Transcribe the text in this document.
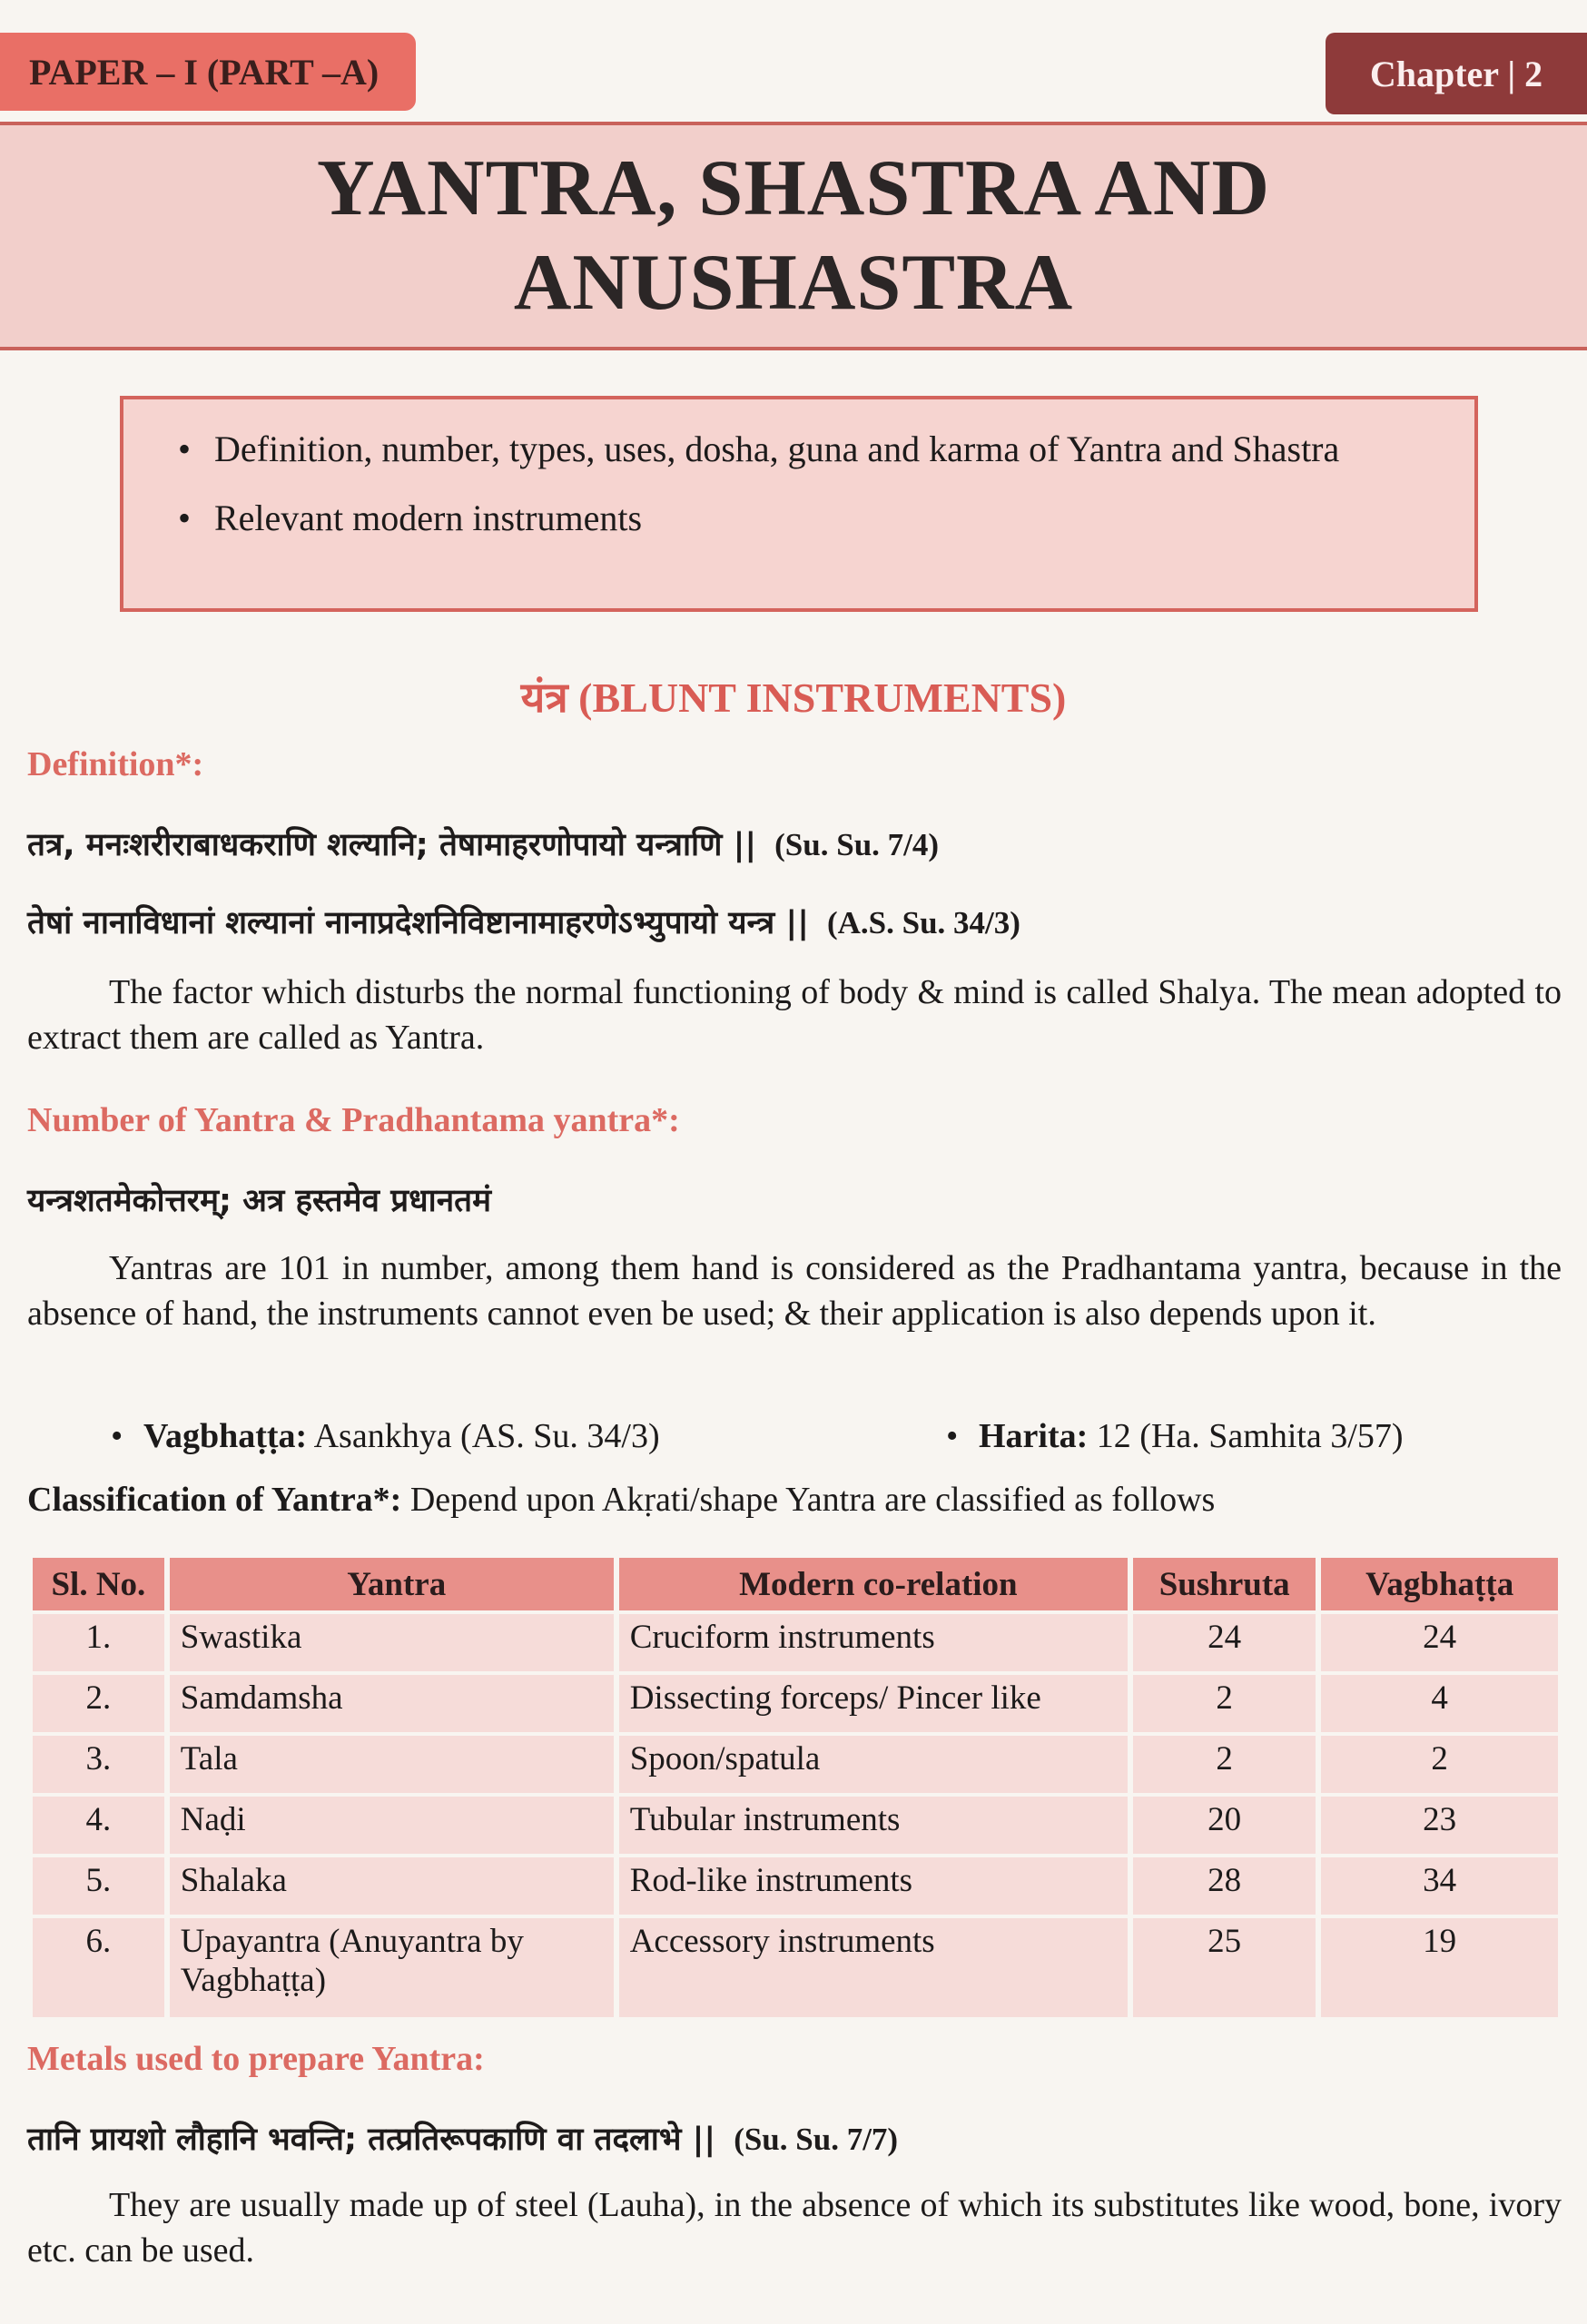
PAPER – I (PART –A)	Chapter | 2
YANTRA, SHASTRA AND
ANUSHASTRA
• Definition, number, types, uses, dosha, guna and karma of Yantra and Shastra
• Relevant modern instruments
यंत्र (BLUNT INSTRUMENTS)
Definition*:
तत्र, मनःशरीराबाधकराणि शल्यानि; तेषामाहरणोपायो यन्त्राणि || (Su. Su. 7/4)
तेषां नानाविधानां शल्यानां नानाप्रदेशनिविष्टानामाहरणेऽभ्युपायो यन्त्र || (A.S. Su. 34/3)
The factor which disturbs the normal functioning of body & mind is called Shalya. The mean adopted to extract them are called as Yantra.
Number of Yantra & Pradhantama yantra*:
यन्त्रशतमेकोत्तरम्; अत्र हस्तमेव प्रधानतमं
Yantras are 101 in number, among them hand is considered as the Pradhantama yantra, because in the absence of hand, the instruments cannot even be used; & their application is also depends upon it.
• Vagbhaṭṭa: Asankhya (AS. Su. 34/3)	• Harita: 12 (Ha. Samhita 3/57)
Classification of Yantra*: Depend upon Akṛati/shape Yantra are classified as follows
Sl. No.	Yantra	Modern co-relation	Sushruta	Vagbhaṭṭa
1.	Swastika	Cruciform instruments	24	24
2.	Samdamsha	Dissecting forceps/ Pincer like	2	4
3.	Tala	Spoon/spatula	2	2
4.	Naḍi	Tubular instruments	20	23
5.	Shalaka	Rod-like instruments	28	34
6.	Upayantra (Anuyantra by Vagbhaṭṭa)	Accessory instruments	25	19
Metals used to prepare Yantra:
तानि प्रायशो लौहानि भवन्ति; तत्प्रतिरूपकाणि वा तदलाभे || (Su. Su. 7/7)
They are usually made up of steel (Lauha), in the absence of which its substitutes like wood, bone, ivory etc. can be used.
